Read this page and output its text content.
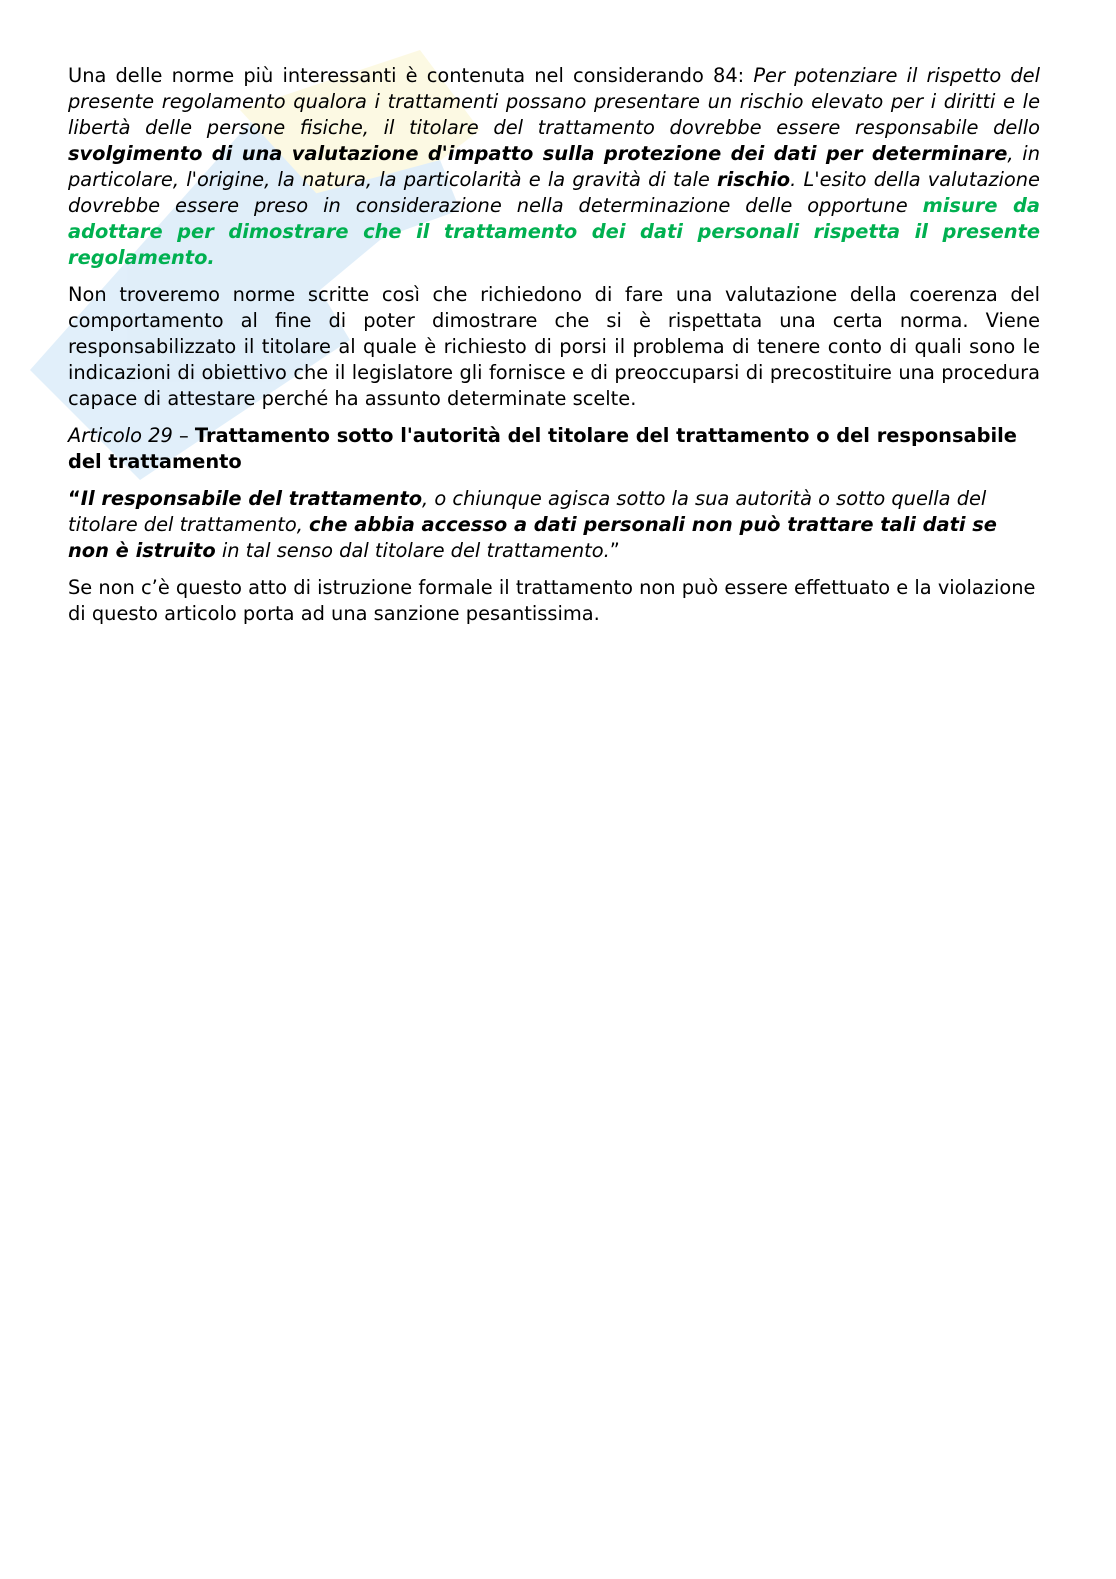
Una delle norme più interessanti è contenuta nel considerando 84: Per potenziare il rispetto del presente regolamento qualora i trattamenti possano presentare un rischio elevato per i diritti e le libertà delle persone fisiche, il titolare del trattamento dovrebbe essere responsabile dello svolgimento di una valutazione d'impatto sulla protezione dei dati per determinare, in particolare, l'origine, la natura, la particolarità e la gravità di tale rischio. L'esito della valutazione dovrebbe essere preso in considerazione nella determinazione delle opportune misure da adottare per dimostrare che il trattamento dei dati personali rispetta il presente regolamento.

Non troveremo norme scritte così che richiedono di fare una valutazione della coerenza del comportamento al fine di poter dimostrare che si è rispettata una certa norma. Viene responsabilizzato il titolare al quale è richiesto di porsi il problema di tenere conto di quali sono le indicazioni di obiettivo che il legislatore gli fornisce e di preoccuparsi di precostituire una procedura capace di attestare perché ha assunto determinate scelte.

Articolo 29 – Trattamento sotto l'autorità del titolare del trattamento o del responsabile del trattamento

“Il responsabile del trattamento, o chiunque agisca sotto la sua autorità o sotto quella del titolare del trattamento, che abbia accesso a dati personali non può trattare tali dati se non è istruito in tal senso dal titolare del trattamento.”

Se non c’è questo atto di istruzione formale il trattamento non può essere effettuato e la violazione di questo articolo porta ad una sanzione pesantissima.
